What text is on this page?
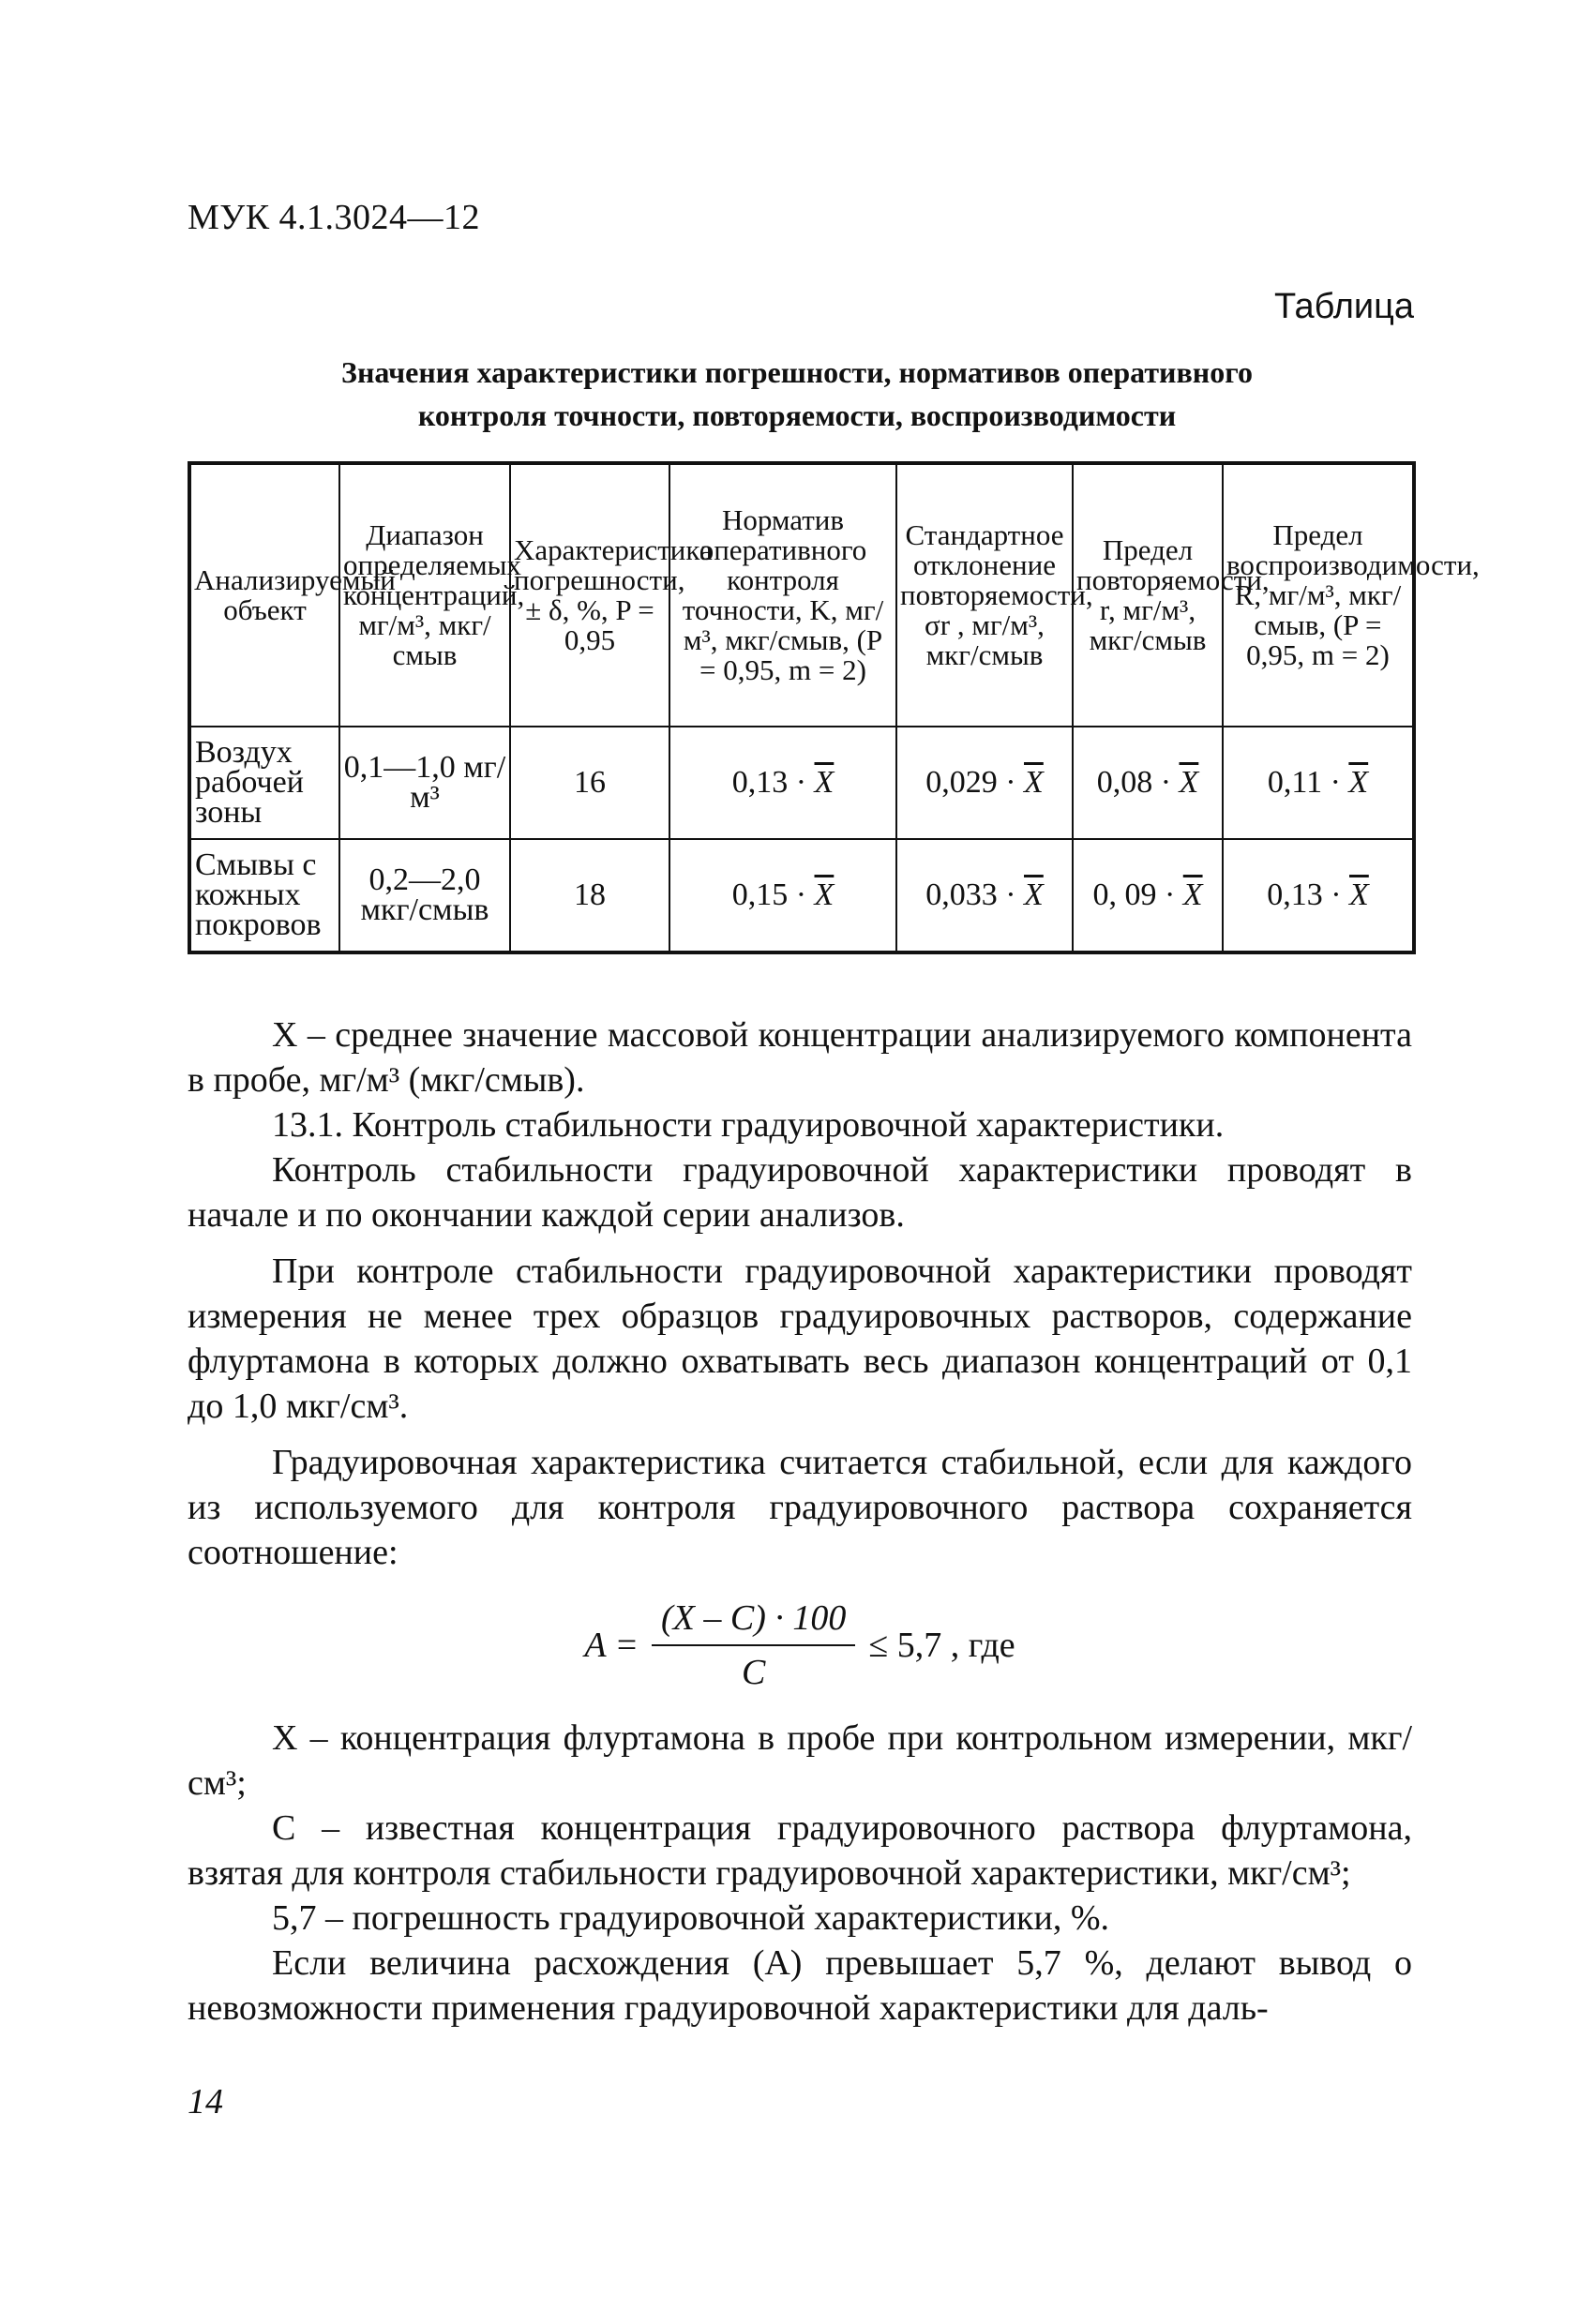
МУК 4.1.3024—12
Таблица
Значения характеристики погрешности, нормативов оперативного
контроля точности, повторяемости, воспроизводимости
Анализируемый объект	Диапазон определяемых концентраций, мг/м³, мкг/смыв	Характеристика погрешности, ± δ, %, P = 0,95	Норматив оперативного контроля точности, K, мг/м³, мкг/смыв, (P = 0,95, m = 2)	Стандартное отклонение повторяемости, σr , мг/м³, мкг/смыв	Предел повторяемости, r, мг/м³, мкг/смыв	Предел воспроизводимости, R, мг/м³, мкг/смыв, (P = 0,95, m = 2)
Воздух рабочей зоны	0,1—1,0 мг/м³	16	$0,13 \cdot \overline{X}$	$0,029 \cdot \overline{X}$	$0,08 \cdot \overline{X}$	$0,11 \cdot \overline{X}$
Смывы с кожных покровов	0,2—2,0 мкг/смыв	18	$0,15 \cdot \overline{X}$	$0,033 \cdot \overline{X}$	0, $09 \cdot \overline{X}$	$0,13 \cdot \overline{X}$

X – среднее значение массовой концентрации анализируемого компонента в пробе, мг/м³ (мкг/смыв).

13.1. Контроль стабильности градуировочной характеристики.

Контроль стабильности градуировочной характеристики проводят в начале и по окончании каждой серии анализов.

При контроле стабильности градуировочной характеристики проводят измерения не менее трех образцов градуировочных растворов, содержание флуртамона в которых должно охватывать весь диапазон концентраций от 0,1 до 1,0 мкг/см³.

Градуировочная характеристика считается стабильной, если для каждого из используемого для контроля градуировочного раствора сохраняется соотношение:

$A = \frac{(X - C) \cdot 100}{C} \le 5,7$ , где

X – концентрация флуртамона в пробе при контрольном измерении, мкг/см³;

C – известная концентрация градуировочного раствора флуртамона, взятая для контроля стабильности градуировочной характеристики, мкг/см³;

5,7 – погрешность градуировочной характеристики, %.

Если величина расхождения (A) превышает 5,7 %, делают вывод о невозможности применения градуировочной характеристики для даль-

14
